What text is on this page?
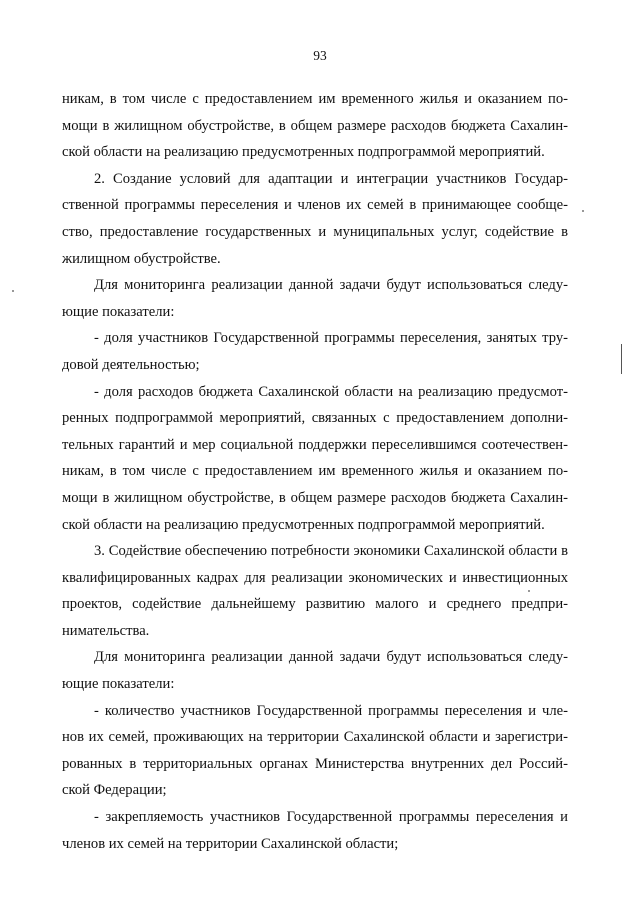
93

никам, в том числе с предоставлением им временного жилья и оказанием помощи в жилищном обустройстве, в общем размере расходов бюджета Сахалинской области на реализацию предусмотренных подпрограммой мероприятий.

2. Создание условий для адаптации и интеграции участников Государственной программы переселения и членов их семей в принимающее сообщество, предоставление государственных и муниципальных услуг, содействие в жилищном обустройстве.

Для мониторинга реализации данной задачи будут использоваться следующие показатели:

- доля участников Государственной программы переселения, занятых трудовой деятельностью;

- доля расходов бюджета Сахалинской области на реализацию предусмотренных подпрограммой мероприятий, связанных с предоставлением дополнительных гарантий и мер социальной поддержки переселившимся соотечественникам, в том числе с предоставлением им временного жилья и оказанием помощи в жилищном обустройстве, в общем размере расходов бюджета Сахалинской области на реализацию предусмотренных подпрограммой мероприятий.

3. Содействие обеспечению потребности экономики Сахалинской области в квалифицированных кадрах для реализации экономических и инвестиционных проектов, содействие дальнейшему развитию малого и среднего предпринимательства.

Для мониторинга реализации данной задачи будут использоваться следующие показатели:

- количество участников Государственной программы переселения и членов их семей, проживающих на территории Сахалинской области и зарегистрированных в территориальных органах Министерства внутренних дел Российской Федерации;

- закрепляемость участников Государственной программы переселения и членов их семей на территории Сахалинской области;
